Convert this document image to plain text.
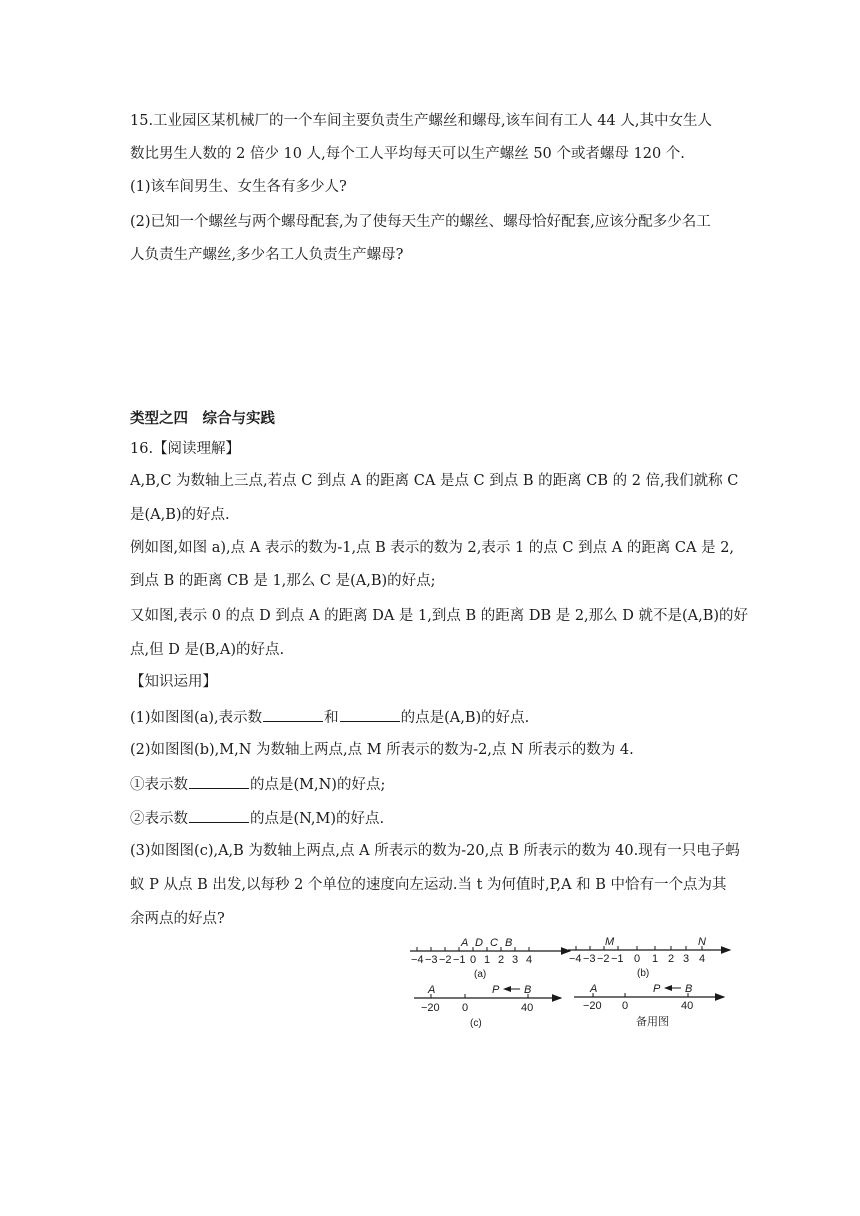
15.工业园区某机械厂的一个车间主要负责生产螺丝和螺母,该车间有工人 44 人,其中女生人
数比男生人数的 2 倍少 10 人,每个工人平均每天可以生产螺丝 50 个或者螺母 120 个.
(1)该车间男生、女生各有多少人?
(2)已知一个螺丝与两个螺母配套,为了使每天生产的螺丝、螺母恰好配套,应该分配多少名工
人负责生产螺丝,多少名工人负责生产螺母?
类型之四　综合与实践
16.【阅读理解】
A,B,C 为数轴上三点,若点 C 到点 A 的距离 CA 是点 C 到点 B 的距离 CB 的 2 倍,我们就称 C
是(A,B)的好点.
例如图,如图 a),点 A 表示的数为-1,点 B 表示的数为 2,表示 1 的点 C 到点 A 的距离 CA 是 2,
到点 B 的距离 CB 是 1,那么 C 是(A,B)的好点;
又如图,表示 0 的点 D 到点 A 的距离 DA 是 1,到点 B 的距离 DB 是 2,那么 D 就不是(A,B)的好
点,但 D 是(B,A)的好点.
【知识运用】
(1)如图图(a),表示数	和	的点是(A,B)的好点.
(2)如图图(b),M,N 为数轴上两点,点 M 所表示的数为-2,点 N 所表示的数为 4.
①表示数	的点是(M,N)的好点;
②表示数	的点是(N,M)的好点.
(3)如图图(c),A,B 为数轴上两点,点 A 所表示的数为-20,点 B 所表示的数为 40.现有一只电子蚂
蚁 P 从点 B 出发,以每秒 2 个单位的速度向左运动.当 t 为何值时,P,A 和 B 中恰有一个点为其
余两点的好点?
−4 −3 −2 −1 0 1 2 3 4
A D C B
(a)
−4 −3 −2 −1 0 1 2 3 4
M	N
(b)
−20 0	40
A	P B
(c)
−20 0	40
A	P B
备用图
